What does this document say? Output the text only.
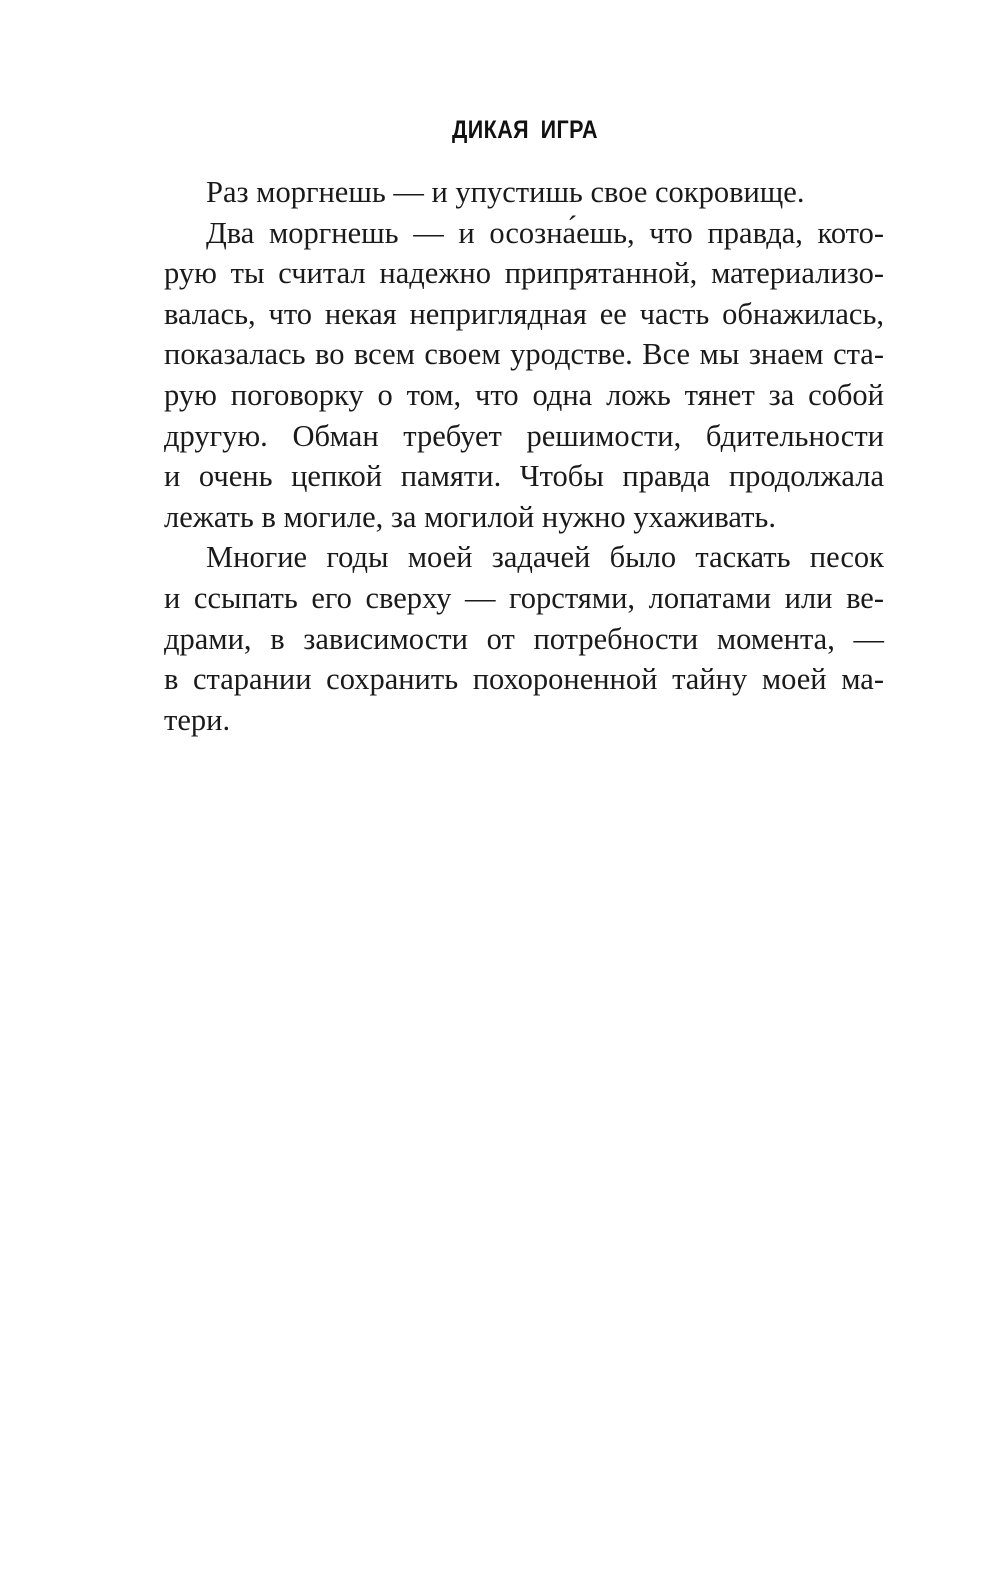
ДИКАЯ ИГРА
Раз моргнешь — и упустишь свое сокровище.
Два моргнешь — и осозна́ешь, что правда, кото-
рую ты считал надежно припрятанной, материализо-
валась, что некая неприглядная ее часть обнажилась,
показалась во всем своем уродстве. Все мы знаем ста-
рую поговорку о том, что одна ложь тянет за собой
другую. Обман требует решимости, бдительности
и очень цепкой памяти. Чтобы правда продолжала
лежать в могиле, за могилой нужно ухаживать.
Многие годы моей задачей было таскать песок
и ссыпать его сверху — горстями, лопатами или ве-
драми, в зависимости от потребности момента, —
в старании сохранить похороненной тайну моей ма-
тери.
